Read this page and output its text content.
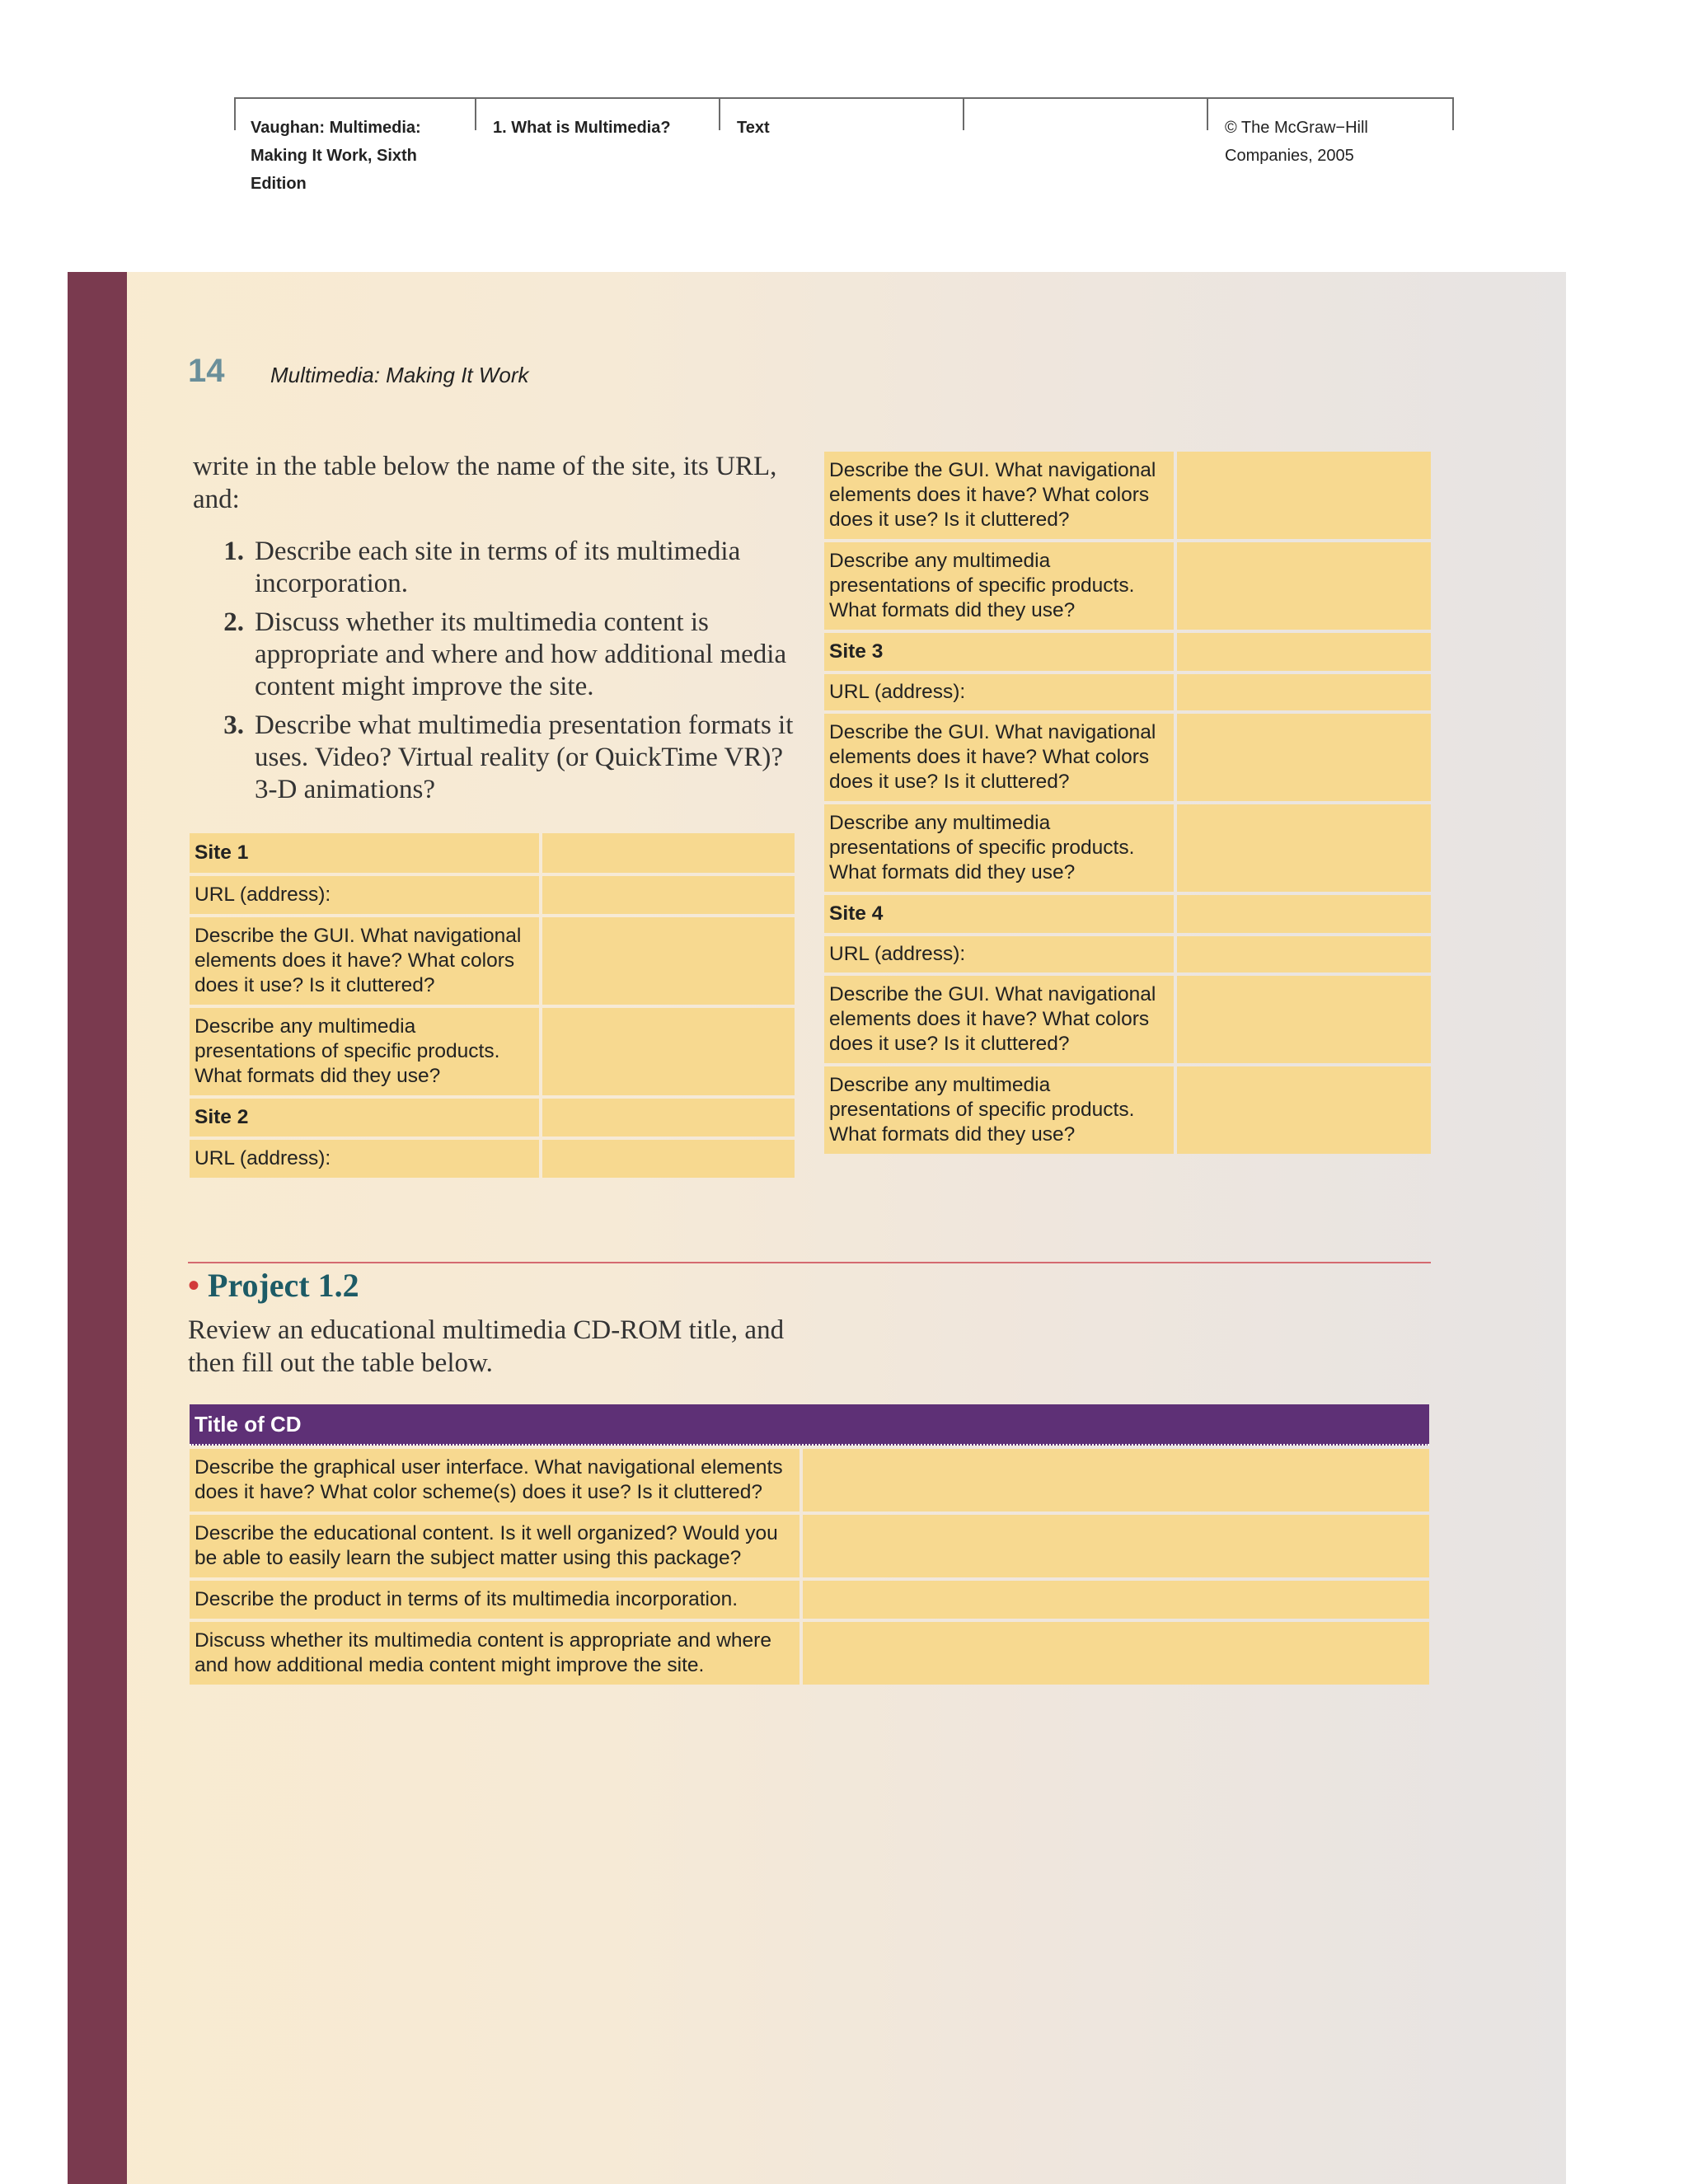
Vaughan: Multimedia: Making It Work, Sixth Edition
1. What is Multimedia?	Text	© The McGraw−Hill Companies, 2005
14 Multimedia: Making It Work
write in the table below the name of the site, its URL, and:
1. Describe each site in terms of its multimedia incorporation.
2. Discuss whether its multimedia content is appropriate and where and how additional media content might improve the site.
3. Describe what multimedia presentation formats it uses. Video? Virtual reality (or QuickTime VR)? 3-D animations?
Site 1	
URL (address):	
Describe the GUI. What navigational elements does it have? What colors does it use? Is it cluttered?	
Describe any multimedia presentations of specific products. What formats did they use?	
Site 2	
URL (address):	
Describe the GUI. What navigational elements does it have? What colors does it use? Is it cluttered?	
Describe any multimedia presentations of specific products. What formats did they use?	
Site 3	
URL (address):	
Describe the GUI. What navigational elements does it have? What colors does it use? Is it cluttered?	
Describe any multimedia presentations of specific products. What formats did they use?	
Site 4	
URL (address):	
Describe the GUI. What navigational elements does it have? What colors does it use? Is it cluttered?	
Describe any multimedia presentations of specific products. What formats did they use?	
• Project 1.2
Review an educational multimedia CD-ROM title, and then fill out the table below.
Title of CD	
Describe the graphical user interface. What navigational elements does it have? What color scheme(s) does it use? Is it cluttered?	
Describe the educational content. Is it well organized? Would you be able to easily learn the subject matter using this package?	
Describe the product in terms of its multimedia incorporation.	
Discuss whether its multimedia content is appropriate and where and how additional media content might improve the site.	
